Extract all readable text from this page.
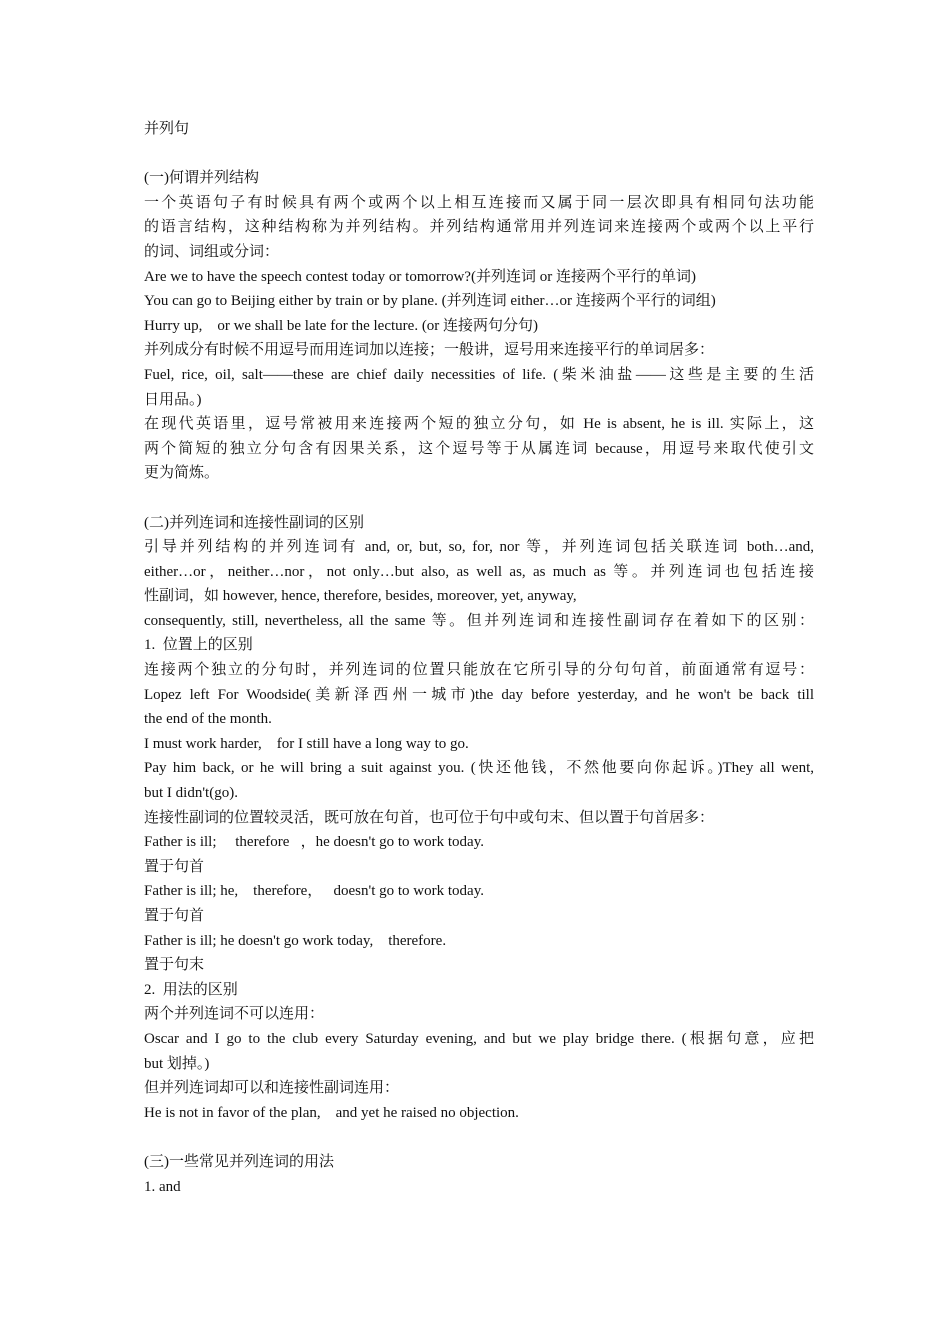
并列句
(一)何谓并列结构
一个英语句子有时候具有两个或两个以上相互连接而又属于同一层次即具有相同句法功能
的语言结构，这种结构称为并列结构。并列结构通常用并列连词来连接两个或两个以上平行
的词、词组或分词：
Are we to have the speech contest today or tomorrow?(并列连词 or 连接两个平行的单词)
You can go to Beijing either by train or by plane. (并列连词 either…or 连接两个平行的词组)
Hurry up,    or we shall be late for the lecture. (or 连接两句分句)
并列成分有时候不用逗号而用连词加以连接；一般讲，逗号用来连接平行的单词居多：
Fuel, rice, oil, salt——these are chief daily necessities of life. (柴米油盐——这些是主要的生活
日用品。)
在现代英语里，逗号常被用来连接两个短的独立分句，如 He is absent, he is ill. 实际上，这
两个简短的独立分句含有因果关系，这个逗号等于从属连词 because，用逗号来取代使引文
更为简炼。
(二)并列连词和连接性副词的区别
引导并列结构的并列连词有 and, or, but, so, for, nor 等，并列连词包括关联连词 both…and,
either…or，neither…nor，not only…but also, as well as, as much as 等。并列连词也包括连接
性副词，如 however, hence, therefore, besides, moreover, yet, anyway,
consequently, still, nevertheless, all the same 等。但并列连词和连接性副词存在着如下的区别：
1.  位置上的区别
连接两个独立的分句时，并列连词的位置只能放在它所引导的分句句首，前面通常有逗号：
Lopez left For Woodside(美新泽西州一城市)the day before yesterday, and he won't be back till
the end of the month.
I must work harder,    for I still have a long way to go.
Pay him back, or he will bring a suit against you. (快还他钱，不然他要向你起诉。)They all went,
but I didn't(go).
连接性副词的位置较灵活，既可放在句首，也可位于句中或句末、但以置于句首居多：
Father is ill;     therefore   ，he doesn't go to work today.
置于句首
Father is ill; he,    therefore，   doesn't go to work today.
置于句首
Father is ill; he doesn't go work today,    therefore.
置于句末
2.  用法的区别
两个并列连词不可以连用：
Oscar and I go to the club every Saturday evening, and but we play bridge there. (根据句意，应把
but 划掉。)
但并列连词却可以和连接性副词连用：
He is not in favor of the plan,    and yet he raised no objection.
(三)一些常见并列连词的用法
1. and
